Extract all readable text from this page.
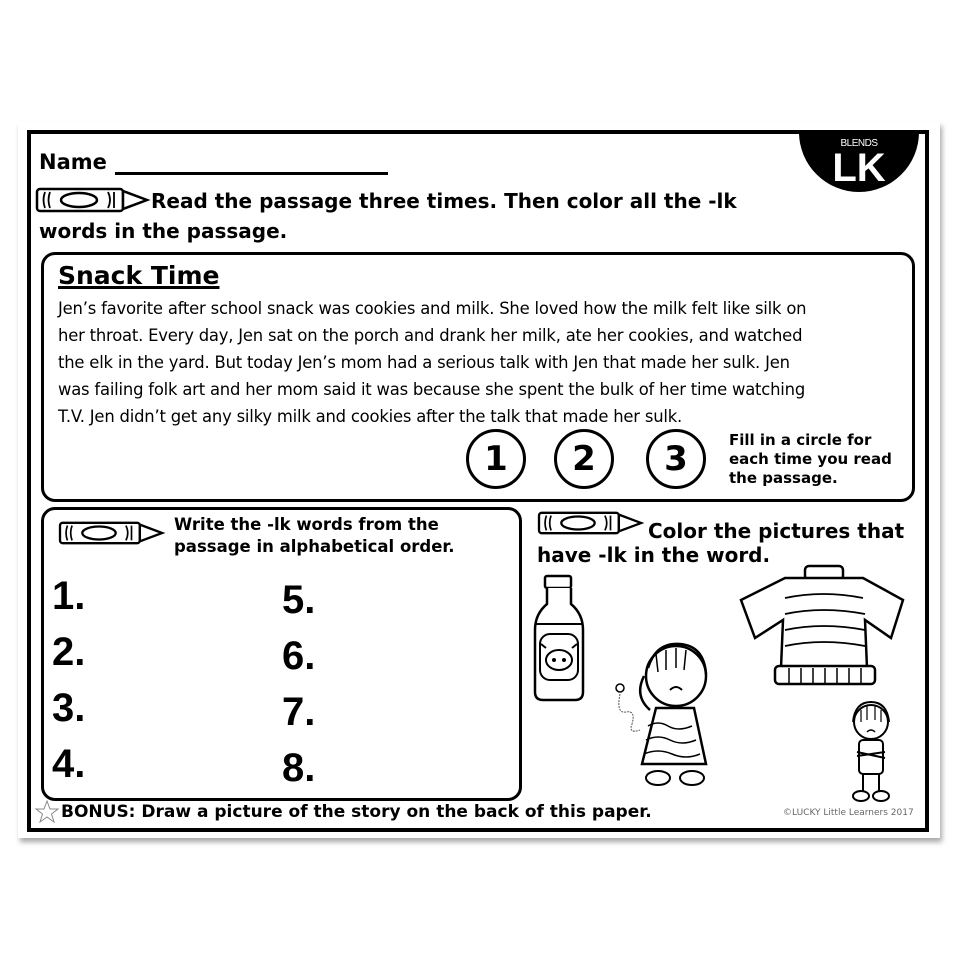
BLENDS
LK
Name
Read the passage three times. Then color all the -lk
words in the passage.
Snack Time
Jen’s favorite after school snack was cookies and milk. She loved how the milk felt like silk on
her throat. Every day, Jen sat on the porch and drank her milk, ate her cookies, and watched
the elk in the yard. But today Jen’s mom had a serious talk with Jen that made her sulk. Jen
was failing folk art and her mom said it was because she spent the bulk of her time watching
T.V. Jen didn’t get any silky milk and cookies after the talk that made her sulk.
1	2	3	Fill in a circle for
each time you read
the passage.
Write the -lk words from the
passage in alphabetical order.
1.
2.
3.
4.
5.
6.
7.
8.
Color the pictures that
have -lk in the word.
BONUS: Draw a picture of the story on the back of this paper.	©LUCKY Little Learners 2017
